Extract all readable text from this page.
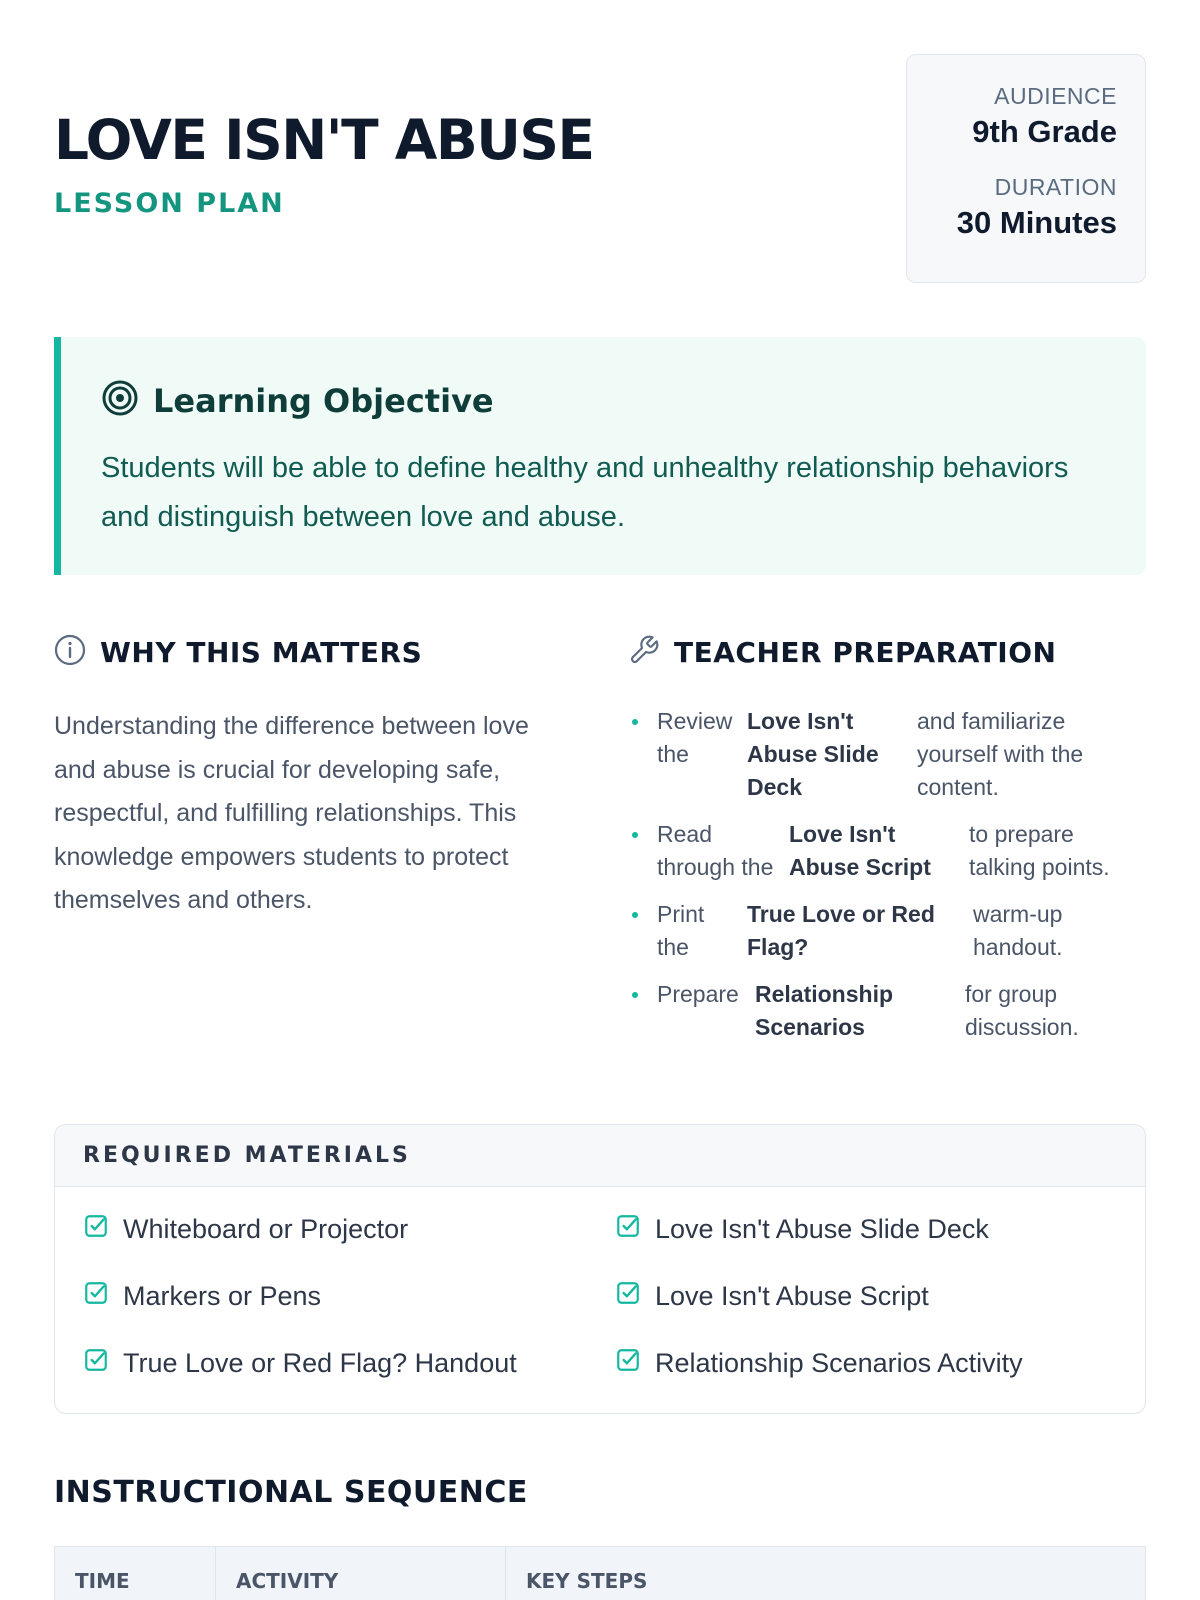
LOVE ISN'T ABUSE
LESSON PLAN
AUDIENCE
9th Grade
DURATION
30 Minutes
Learning Objective

Students will be able to define healthy and unhealthy relationship behaviors and distinguish between love and abuse.

WHY THIS MATTERS

Understanding the difference between love and abuse is crucial for developing safe, respectful, and fulfilling relationships. This knowledge empowers students to protect themselves and others.

TEACHER PREPARATION
Review the
Love Isn't Abuse Slide Deck
and familiarize yourself with the content.
Read through the
Love Isn't Abuse Script
to prepare talking points.
Print the
True Love or Red Flag?
warm-up handout.
Prepare Relationship Scenarios
for group discussion.
REQUIRED MATERIALS
Whiteboard or Projector	Love Isn't Abuse Slide Deck
Markers or Pens	Love Isn't Abuse Script
True Love or Red Flag? Handout	Relationship Scenarios Activity
INSTRUCTIONAL SEQUENCE
TIME	ACTIVITY	KEY STEPS
